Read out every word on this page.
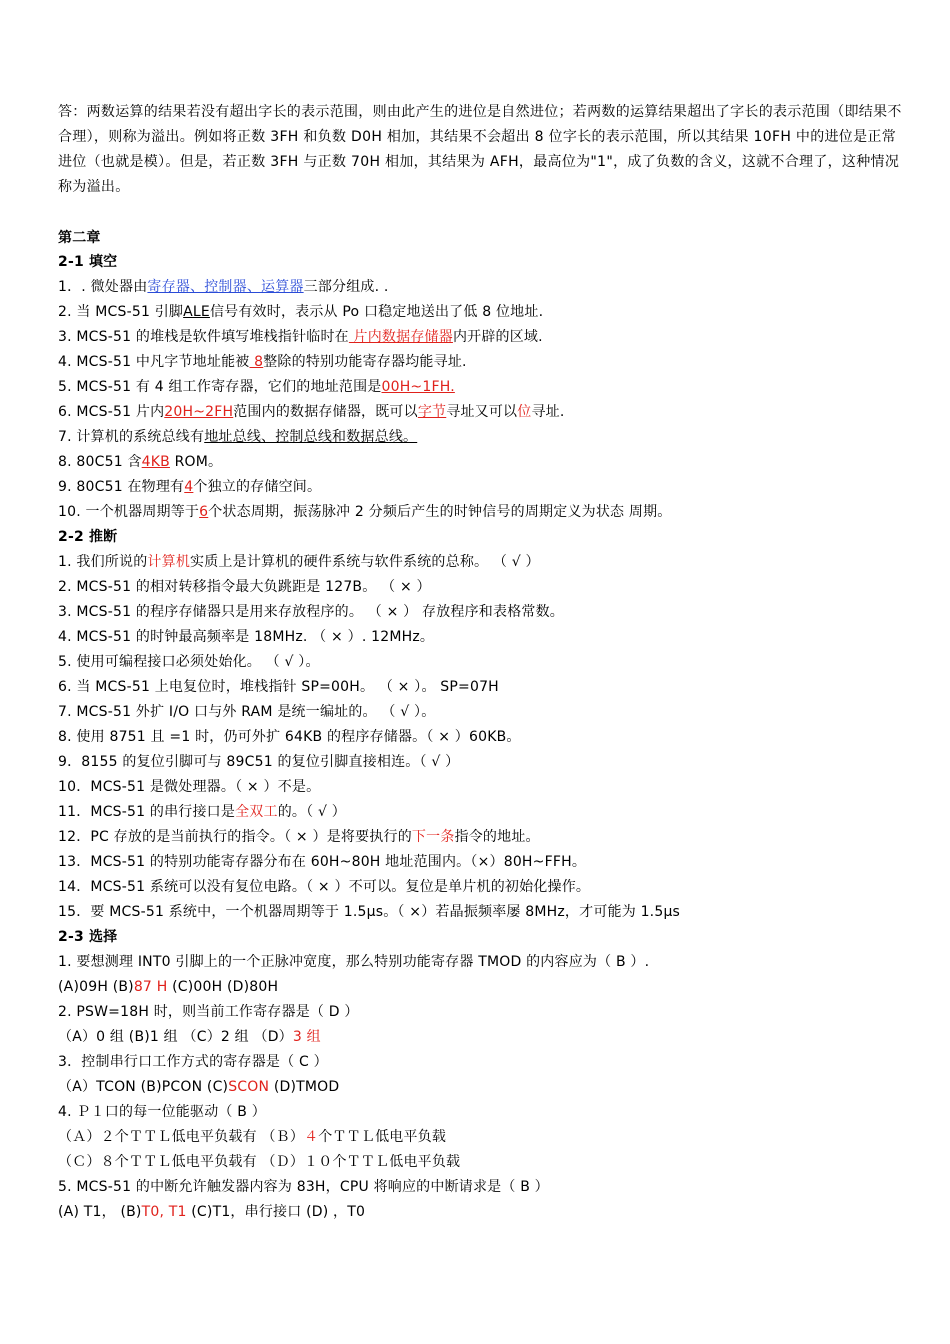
答：两数运算的结果若没有超出字长的表示范围，则由此产生的进位是自然进位；若两数的运算结果超出了字长的表示范围（即结果不合理），则称为溢出。例如将正数 3FH 和负数 D0H 相加，其结果不会超出 8 位字长的表示范围，所以其结果 10FH 中的进位是正常进位（也就是模）。但是，若正数 3FH 与正数 70H 相加，其结果为 AFH，最高位为"1"，成了负数的含义，这就不合理了，这种情况称为溢出。
第二章
2-1 填空
1．. 微处器由寄存器、控制器、运算器三部分组成. .
2. 当 MCS-51 引脚ALE信号有效时，表示从 Po 口稳定地送出了低 8 位地址.
3. MCS-51 的堆栈是软件填写堆栈指针临时在 片内数据存储器内开辟的区域.
4. MCS-51 中凡字节地址能被 8整除的特别功能寄存器均能寻址.
5. MCS-51 有 4 组工作寄存器，它们的地址范围是00H~1FH.
6. MCS-51 片内20H~2FH范围内的数据存储器，既可以字节寻址又可以位寻址.
7. 计算机的系统总线有地址总线、控制总线和数据总线。
8. 80C51 含4KB ROM。
9. 80C51 在物理有4个独立的存储空间。
10. 一个机器周期等于6个状态周期，振荡脉冲 2 分频后产生的时钟信号的周期定义为状态 周期。
2-2 推断
1. 我们所说的计算机实质上是计算机的硬件系统与软件系统的总称。 （ √ ）
2. MCS-51 的相对转移指令最大负跳距是 127B。 （ × ）
3. MCS-51 的程序存储器只是用来存放程序的。 （ × ） 存放程序和表格常数。
4. MCS-51 的时钟最高频率是 18MHz. （ × ）. 12MHz。
5. 使用可编程接口必须处始化。 （ √ ）。
6. 当 MCS-51 上电复位时，堆栈指针 SP=00H。 （ × ）。 SP=07H
7. MCS-51 外扩 I/O 口与外 RAM 是统一编址的。 （ √ ）。
8. 使用 8751 且 =1 时，仍可外扩 64KB 的程序存储器。（ × ）60KB。
9．8155 的复位引脚可与 89C51 的复位引脚直接相连。（ √ ）
10．MCS-51 是微处理器。（ × ）不是。
11．MCS-51 的串行接口是全双工的。（ √ ）
12．PC 存放的是当前执行的指令。（ × ）是将要执行的下一条指令的地址。
13．MCS-51 的特别功能寄存器分布在 60H~80H 地址范围内。（×）80H~FFH。
14．MCS-51 系统可以没有复位电路。（ × ）不可以。复位是单片机的初始化操作。
15．要 MCS-51 系统中，一个机器周期等于 1.5μs。（ ×）若晶振频率屡 8MHz，才可能为 1.5μs
2-3 选择
1. 要想测理 INT0 引脚上的一个正脉冲宽度，那么特别功能寄存器 TMOD 的内容应为（ B ）.
(A)09H (B)87 H (C)00H (D)80H
2. PSW=18H 时，则当前工作寄存器是（ D ）
（A）0 组 (B)1 组 （C）2 组 （D）3 组
3．控制串行口工作方式的寄存器是（ C ）
（A）TCON (B)PCON (C)SCON (D)TMOD
4. Ｐ１口的每一位能驱动（ B ）
（Ａ）２个ＴＴＬ低电平负载有 （Ｂ）４个ＴＴＬ低电平负载
（Ｃ）８个ＴＴＬ低电平负载有 （Ｄ）１０个ＴＴＬ低电平负载
5. MCS-51 的中断允许触发器内容为 83H，CPU 将响应的中断请求是（ B ）
(A) T1， (B)T0, T1 (C)T1，串行接口 (D) ，T0
